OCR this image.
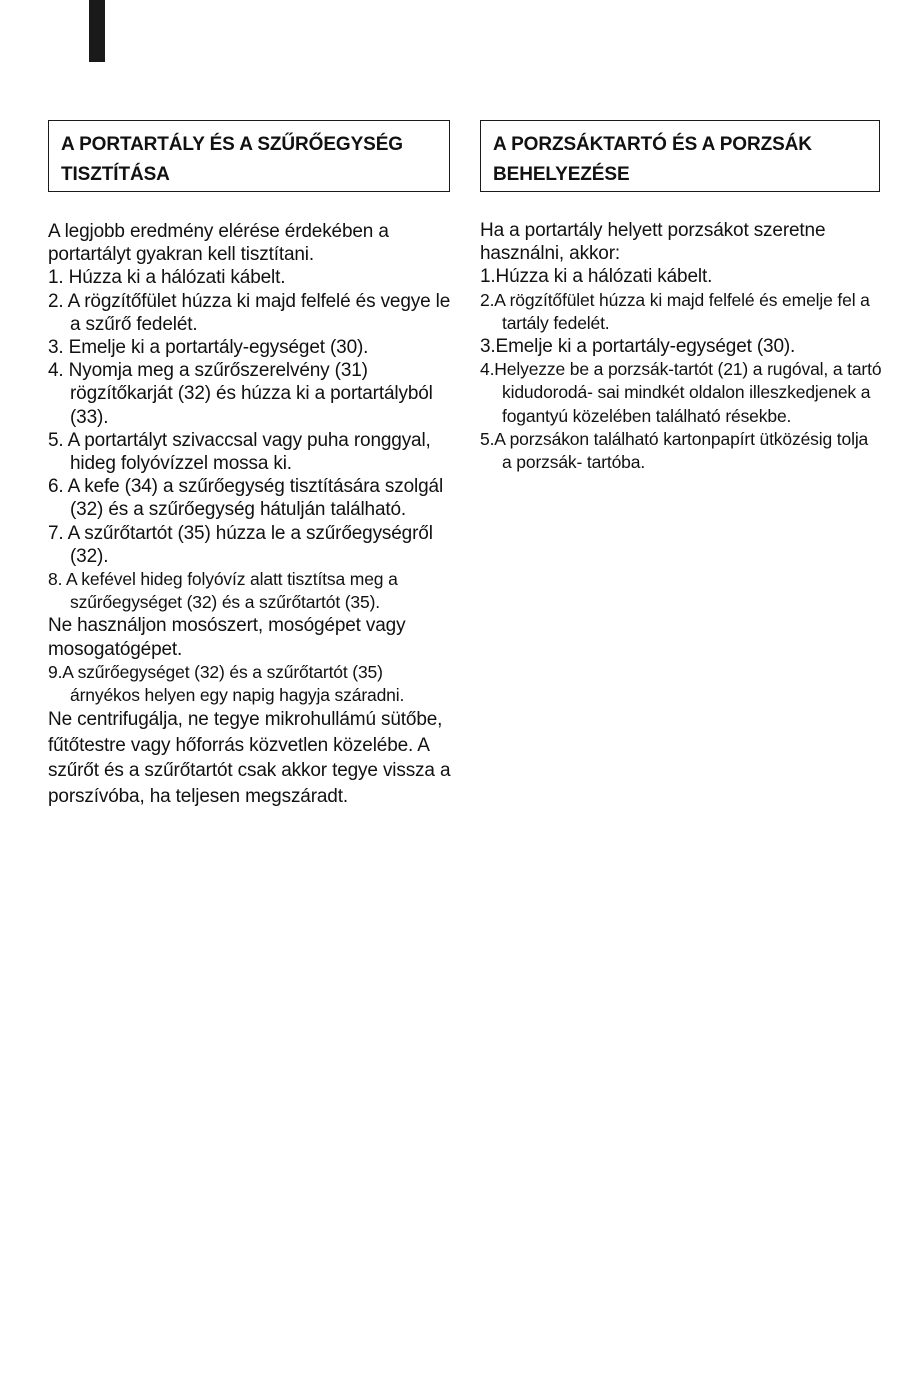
A PORTARTÁLY ÉS A SZŰRŐEGYSÉG TISZTÍTÁSA

A legjobb eredmény elérése érdekében a portartályt gyakran kell tisztítani.

1. Húzza ki a hálózati kábelt.

2. A rögzítőfület húzza ki majd felfelé és vegye le a szűrő fedelét.

3. Emelje ki a portartály-egységet (30).

4. Nyomja meg a szűrőszerelvény (31) rögzítőkarját (32) és húzza ki a portartályból (33).

5. A portartályt szivaccsal vagy puha ronggyal, hideg folyóvízzel mossa ki.

6. A kefe (34) a szűrőegység tisztítására szolgál (32) és a szűrőegység hátulján található.

7. A szűrőtartót (35) húzza le a szűrőegységről (32).

8. A kefével hideg folyóvíz alatt tisztítsa meg a szűrőegységet (32) és a szűrőtartót (35).

Ne használjon mosószert, mosógépet vagy mosogatógépet.

9.A szűrőegységet (32) és a szűrőtartót (35) árnyékos helyen egy napig hagyja száradni.

Ne centrifugálja, ne tegye mikrohullámú sütőbe, fűtőtestre vagy hőforrás közvetlen közelébe. A szűrőt és a szűrőtartót csak akkor tegye vissza a porszívóba, ha teljesen megszáradt.

A PORZSÁKTARTÓ ÉS A PORZSÁK BEHELYEZÉSE

Ha a portartály helyett porzsákot szeretne használni, akkor:

1.Húzza ki a hálózati kábelt.

2.A rögzítőfület húzza ki majd felfelé és emelje fel a tartály fedelét.

3.Emelje ki a portartály-egységet (30).

4.Helyezze be a porzsák-tartót (21) a rugóval, a tartó kidudorodá- sai mindkét oldalon illeszkedjenek a fogantyú közelében található résekbe.

5.A porzsákon található kartonpapírt ütközésig tolja a porzsák- tartóba.
